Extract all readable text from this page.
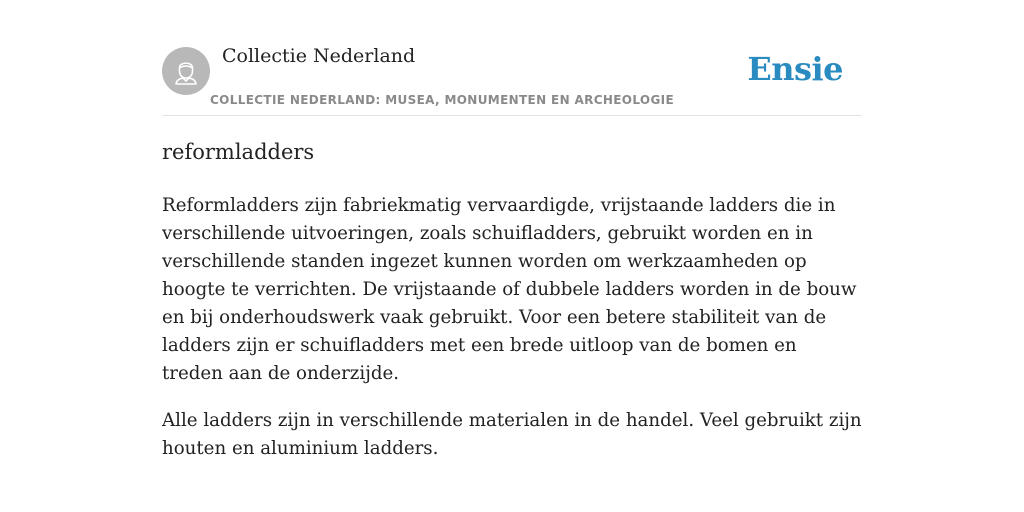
Collectie Nederland
COLLECTIE NEDERLAND: MUSEA, MONUMENTEN EN ARCHEOLOGIE
Ensie
reformladders

Reformladders zijn fabriekmatig vervaardigde, vrijstaande ladders die in verschillende uitvoeringen, zoals schuifladders, gebruikt worden en in verschillende standen ingezet kunnen worden om werkzaamheden op hoogte te verrichten. De vrijstaande of dubbele ladders worden in de bouw en bij onderhoudswerk vaak gebruikt. Voor een betere stabiliteit van de ladders zijn er schuifladders met een brede uitloop van de bomen en treden aan de onderzijde.

Alle ladders zijn in verschillende materialen in de handel. Veel gebruikt zijn houten en aluminium ladders.
